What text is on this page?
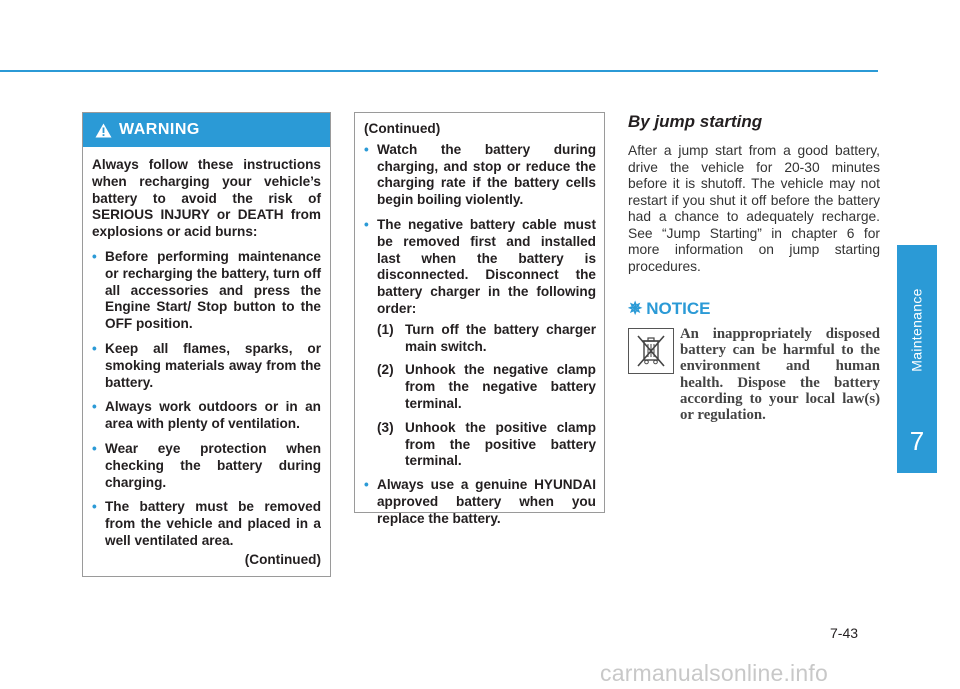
Maintenance
7
WARNING

Always follow these instructions when recharging your vehicle’s battery to avoid the risk of SERIOUS INJURY or DEATH from explosions or acid burns:

• Before performing maintenance or recharging the battery, turn off all accessories and press the Engine Start/ Stop button to the OFF position.
• Keep all flames, sparks, or smoking materials away from the battery.
• Always work outdoors or in an area with plenty of ventilation.
• Wear eye protection when checking the battery during charging.
• The battery must be removed from the vehicle and placed in a well ventilated area.
(Continued)

(Continued)

• Watch the battery during charging, and stop or reduce the charging rate if the battery cells begin boiling violently.
• The negative battery cable must be removed first and installed last when the battery is disconnected. Disconnect the battery charger in the following order:
(1) Turn off the battery charger main switch.
(2) Unhook the negative clamp from the negative battery terminal.
(3) Unhook the positive clamp from the positive battery terminal.
• Always use a genuine HYUNDAI approved battery when you replace the battery.
By jump starting

After a jump start from a good battery, drive the vehicle for 20-30 minutes before it is shutoff. The vehicle may not restart if you shut it off before the battery had a chance to adequately recharge. See “Jump Starting” in chapter 6 for more information on jump starting procedures.

✵ NOTICE

An inappropriately disposed battery can be harmful to the environment and human health. Dispose the battery according to your local law(s) or regulation.

7-43
carmanualsonline.info
